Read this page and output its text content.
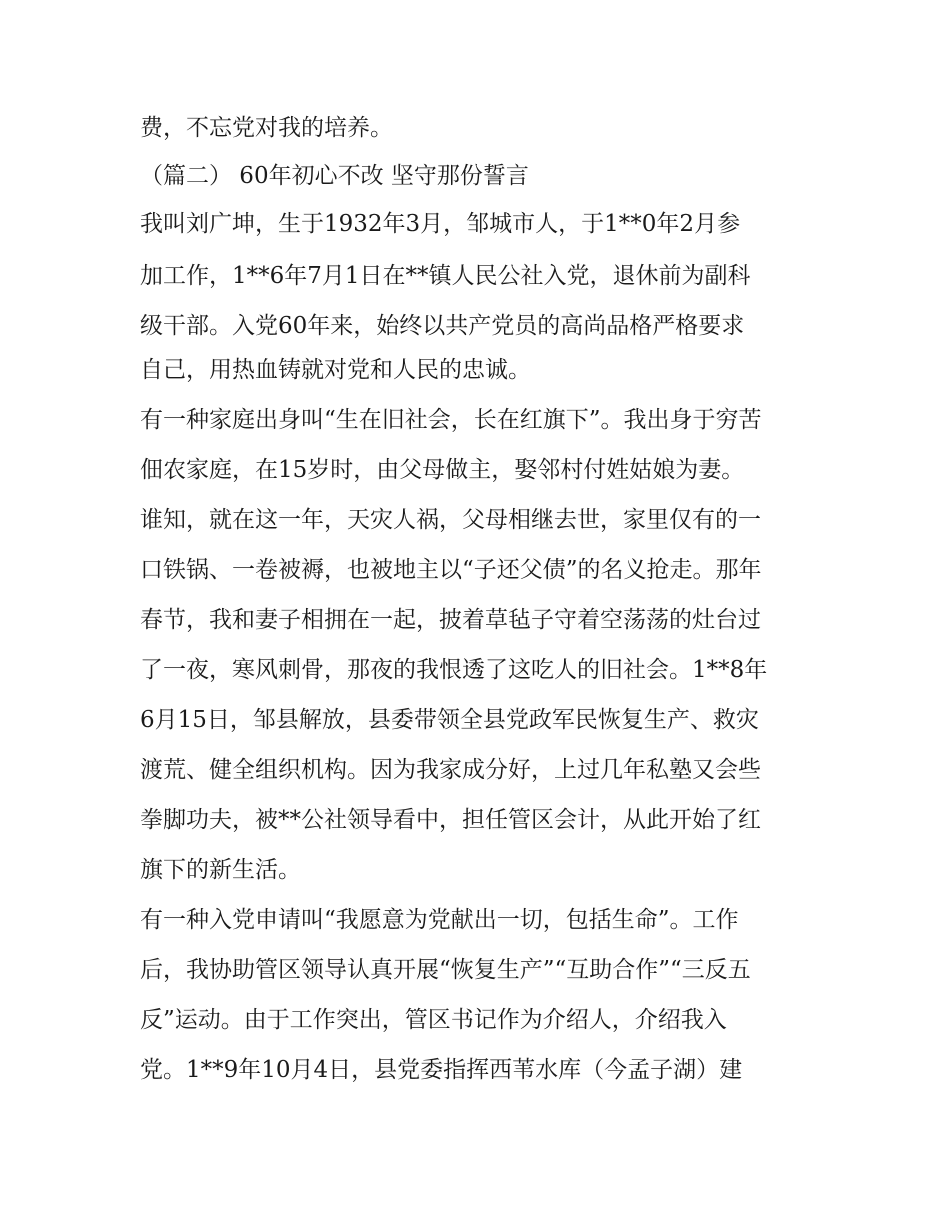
费，不忘党对我的培养。
（篇二） 60年初心不改 坚守那份誓言
我叫刘广坤，生于1932年3月，邹城市人，于1**0年2月参
加工作，1**6年7月1日在**镇人民公社入党，退休前为副科
级干部。入党60年来，始终以共产党员的高尚品格严格要求
自己，用热血铸就对党和人民的忠诚。
有一种家庭出身叫“生在旧社会，长在红旗下”。我出身于穷苦
佃农家庭，在15岁时，由父母做主，娶邻村付姓姑娘为妻。
谁知，就在这一年，天灾人祸，父母相继去世，家里仅有的一
口铁锅、一卷被褥，也被地主以“子还父债”的名义抢走。那年
春节，我和妻子相拥在一起，披着草毡子守着空荡荡的灶台过
了一夜，寒风刺骨，那夜的我恨透了这吃人的旧社会。1**8年
6月15日，邹县解放，县委带领全县党政军民恢复生产、救灾
渡荒、健全组织机构。因为我家成分好，上过几年私塾又会些
拳脚功夫，被**公社领导看中，担任管区会计，从此开始了红
旗下的新生活。
有一种入党申请叫“我愿意为党献出一切，包括生命”。工作
后，我协助管区领导认真开展“恢复生产”“互助合作”“三反五
反”运动。由于工作突出，管区书记作为介绍人，介绍我入
党。1**9年10月4日，县党委指挥西苇水库（今孟子湖）建
